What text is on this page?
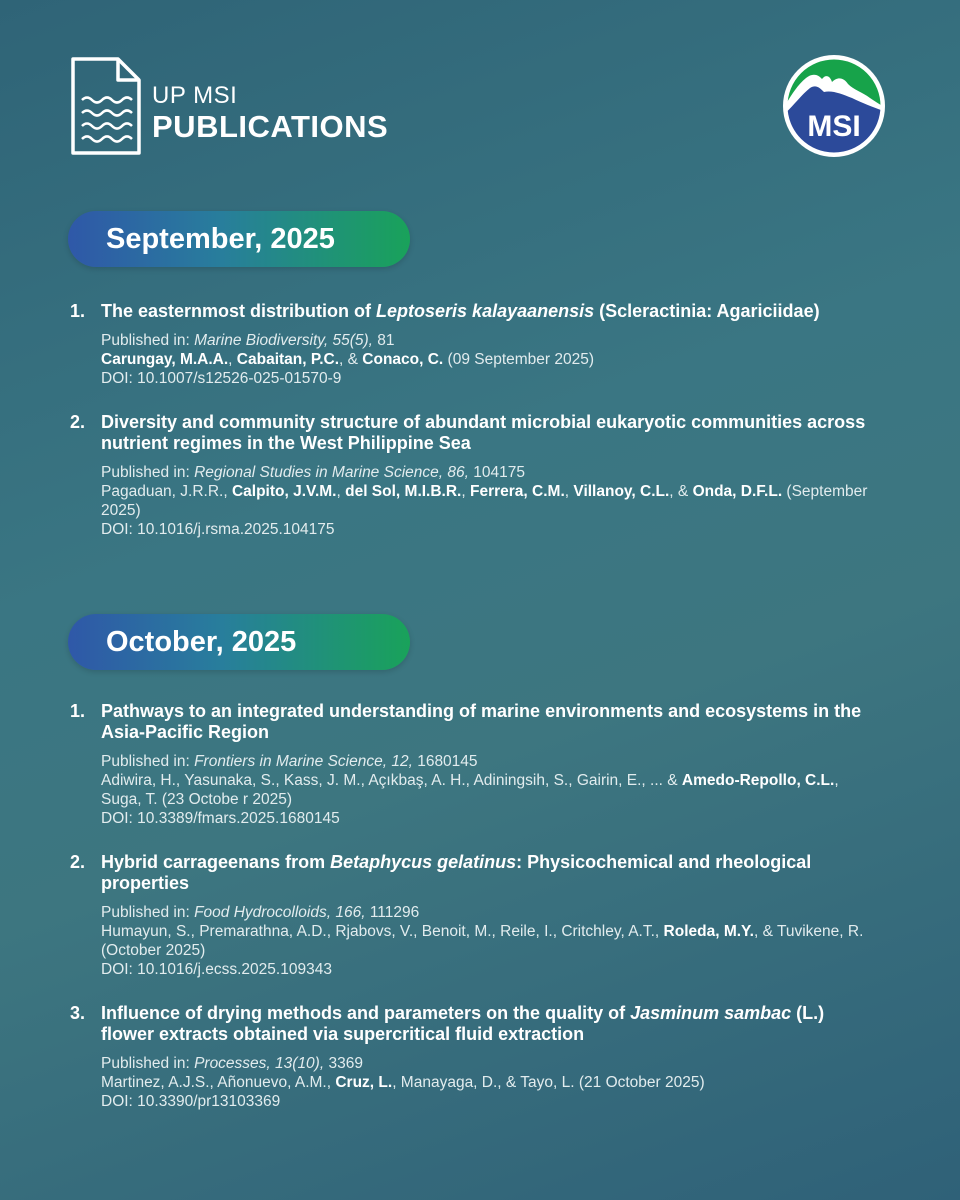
UP MSI
PUBLICATIONS	MSI
September, 2025
1. The easternmost distribution of Leptoseris kalayaanensis (Scleractinia: Agariciidae)
Published in: Marine Biodiversity, 55(5), 81
Carungay, M.A.A., Cabaitan, P.C., & Conaco, C. (09 September 2025)
DOI: 10.1007/s12526-025-01570-9
2. Diversity and community structure of abundant microbial eukaryotic communities across nutrient regimes in the West Philippine Sea
Published in: Regional Studies in Marine Science, 86, 104175
Pagaduan, J.R.R., Calpito, J.V.M., del Sol, M.I.B.R., Ferrera, C.M., Villanoy, C.L., & Onda, D.F.L. (September 2025)
DOI: 10.1016/j.rsma.2025.104175
October, 2025
1. Pathways to an integrated understanding of marine environments and ecosystems in the Asia-Pacific Region
Published in: Frontiers in Marine Science, 12, 1680145
Adiwira, H., Yasunaka, S., Kass, J. M., Açıkbaş, A. H., Adiningsih, S., Gairin, E., ... & Amedo-Repollo, C.L., Suga, T. (23 Octobe r 2025)
DOI: 10.3389/fmars.2025.1680145
2. Hybrid carrageenans from Betaphycus gelatinus: Physicochemical and rheological properties
Published in: Food Hydrocolloids, 166, 111296
Humayun, S., Premarathna, A.D., Rjabovs, V., Benoit, M., Reile, I., Critchley, A.T., Roleda, M.Y., & Tuvikene, R. (October 2025)
DOI: 10.1016/j.ecss.2025.109343
3. Influence of drying methods and parameters on the quality of Jasminum sambac (L.) flower extracts obtained via supercritical fluid extraction
Published in: Processes, 13(10), 3369
Martinez, A.J.S., Añonuevo, A.M., Cruz, L., Manayaga, D., & Tayo, L. (21 October 2025)
DOI: 10.3390/pr13103369
